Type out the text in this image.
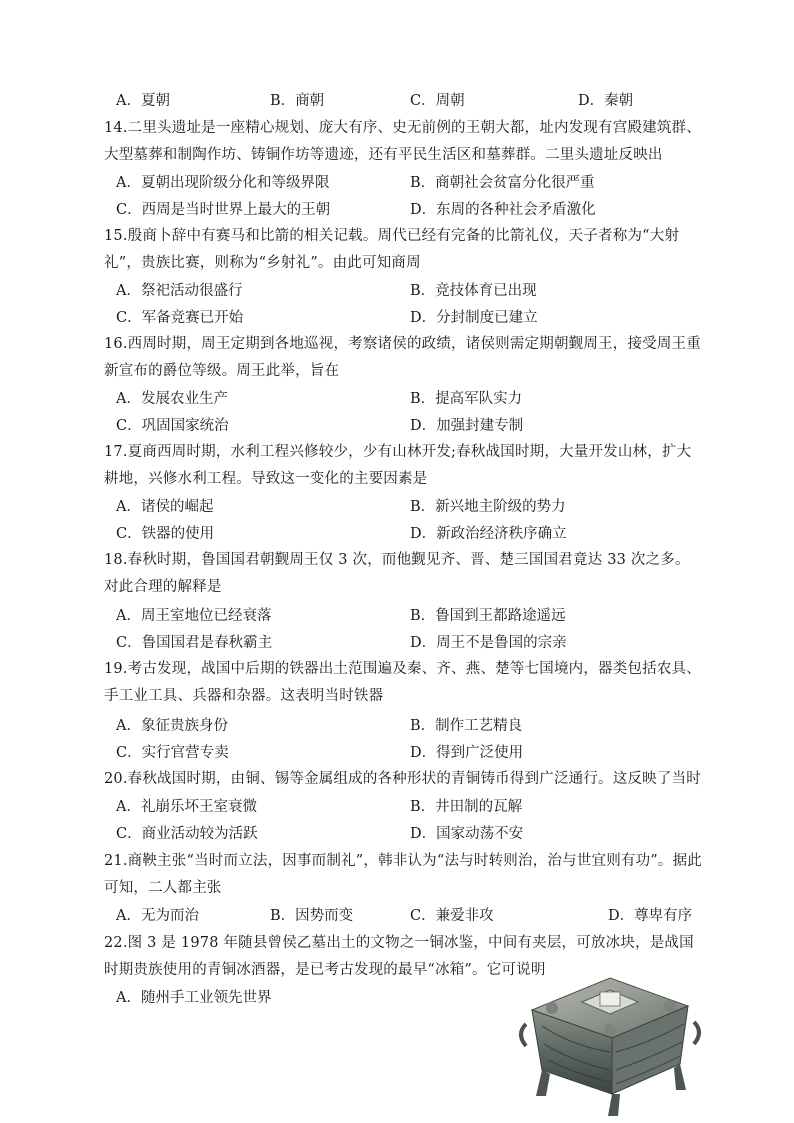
A．夏朝	B．商朝	C．周朝	D．秦朝
14.二里头遗址是一座精心规划、庞大有序、史无前例的王朝大都，址内发现有宫殿建筑群、大型墓葬和制陶作坊、铸铜作坊等遗迹，还有平民生活区和墓葬群。二里头遗址反映出
A．夏朝出现阶级分化和等级界限	B．商朝社会贫富分化很严重
C．西周是当时世界上最大的王朝	D．东周的各种社会矛盾激化
15.殷商卜辞中有赛马和比箭的相关记载。周代已经有完备的比箭礼仪，天子者称为“大射礼”，贵族比赛，则称为“乡射礼”。由此可知商周
A．祭祀活动很盛行	B．竞技体育已出现
C．军备竞赛已开始	D．分封制度已建立
16.西周时期，周王定期到各地巡视，考察诸侯的政绩，诸侯则需定期朝觐周王，接受周王重新宣布的爵位等级。周王此举，旨在
A．发展农业生产	B．提高军队实力
C．巩固国家统治	D．加强封建专制
17.夏商西周时期，水利工程兴修较少，少有山林开发;春秋战国时期，大量开发山林，扩大耕地，兴修水利工程。导致这一变化的主要因素是
A．诸侯的崛起	B．新兴地主阶级的势力
C．铁器的使用	D．新政治经济秩序确立
18.春秋时期，鲁国国君朝觐周王仅 3 次，而他觐见齐、晋、楚三国国君竟达 33 次之多。对此合理的解释是
A．周王室地位已经衰落	B．鲁国到王都路途遥远
C．鲁国国君是春秋霸主	D．周王不是鲁国的宗亲
19.考古发现，战国中后期的铁器出土范围遍及秦、齐、燕、楚等七国境内，器类包括农具、手工业工具、兵器和杂器。这表明当时铁器
A．象征贵族身份	B．制作工艺精良
C．实行官营专卖	D．得到广泛使用
20.春秋战国时期，由铜、锡等金属组成的各种形状的青铜铸币得到广泛通行。这反映了当时
A．礼崩乐坏王室衰微	B．井田制的瓦解
C．商业活动较为活跃	D．国家动荡不安
21.商鞅主张“当时而立法，因事而制礼”，韩非认为“法与时转则治，治与世宜则有功”。据此可知，二人都主张
A．无为而治	B．因势而变	C．兼爱非攻	D．尊卑有序
22.图 3 是 1978 年随县曾侯乙墓出土的文物之一铜冰鉴，中间有夹层，可放冰块，是战国时期贵族使用的青铜冰酒器，是已考古发现的最早“冰箱”。它可说明
A．随州手工业领先世界
